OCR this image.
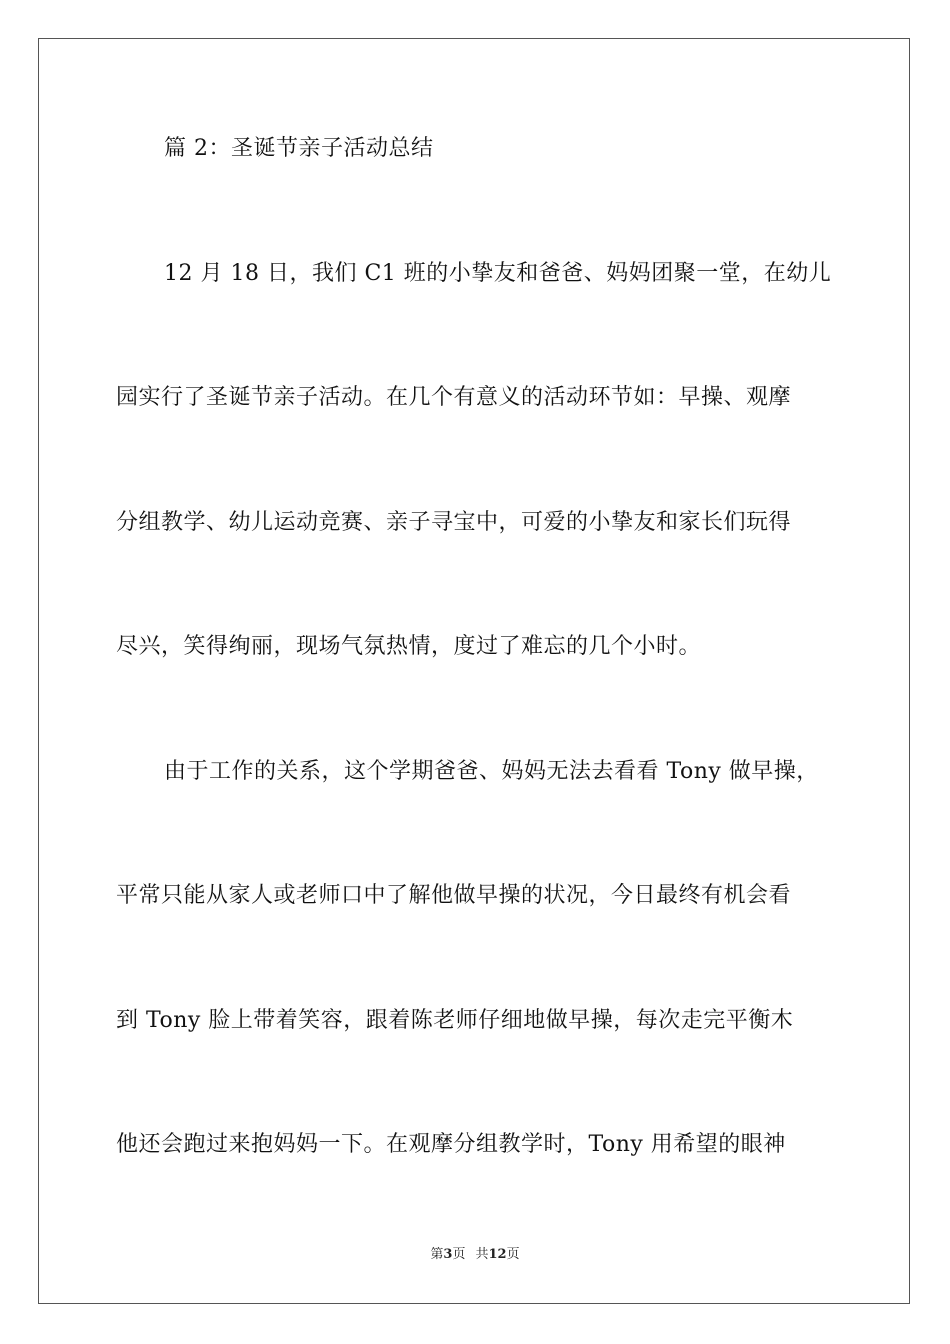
篇 2：圣诞节亲子活动总结
12 月 18 日，我们 C1 班的小挚友和爸爸、妈妈团聚一堂，在幼儿
园实行了圣诞节亲子活动。在几个有意义的活动环节如：早操、观摩
分组教学、幼儿运动竞赛、亲子寻宝中，可爱的小挚友和家长们玩得
尽兴，笑得绚丽，现场气氛热情，度过了难忘的几个小时。
由于工作的关系，这个学期爸爸、妈妈无法去看看 Tony 做早操，
平常只能从家人或老师口中了解他做早操的状况，今日最终有机会看
到 Tony 脸上带着笑容，跟着陈老师仔细地做早操，每次走完平衡木
他还会跑过来抱妈妈一下。在观摩分组教学时，Tony 用希望的眼神
第3页 共12页
